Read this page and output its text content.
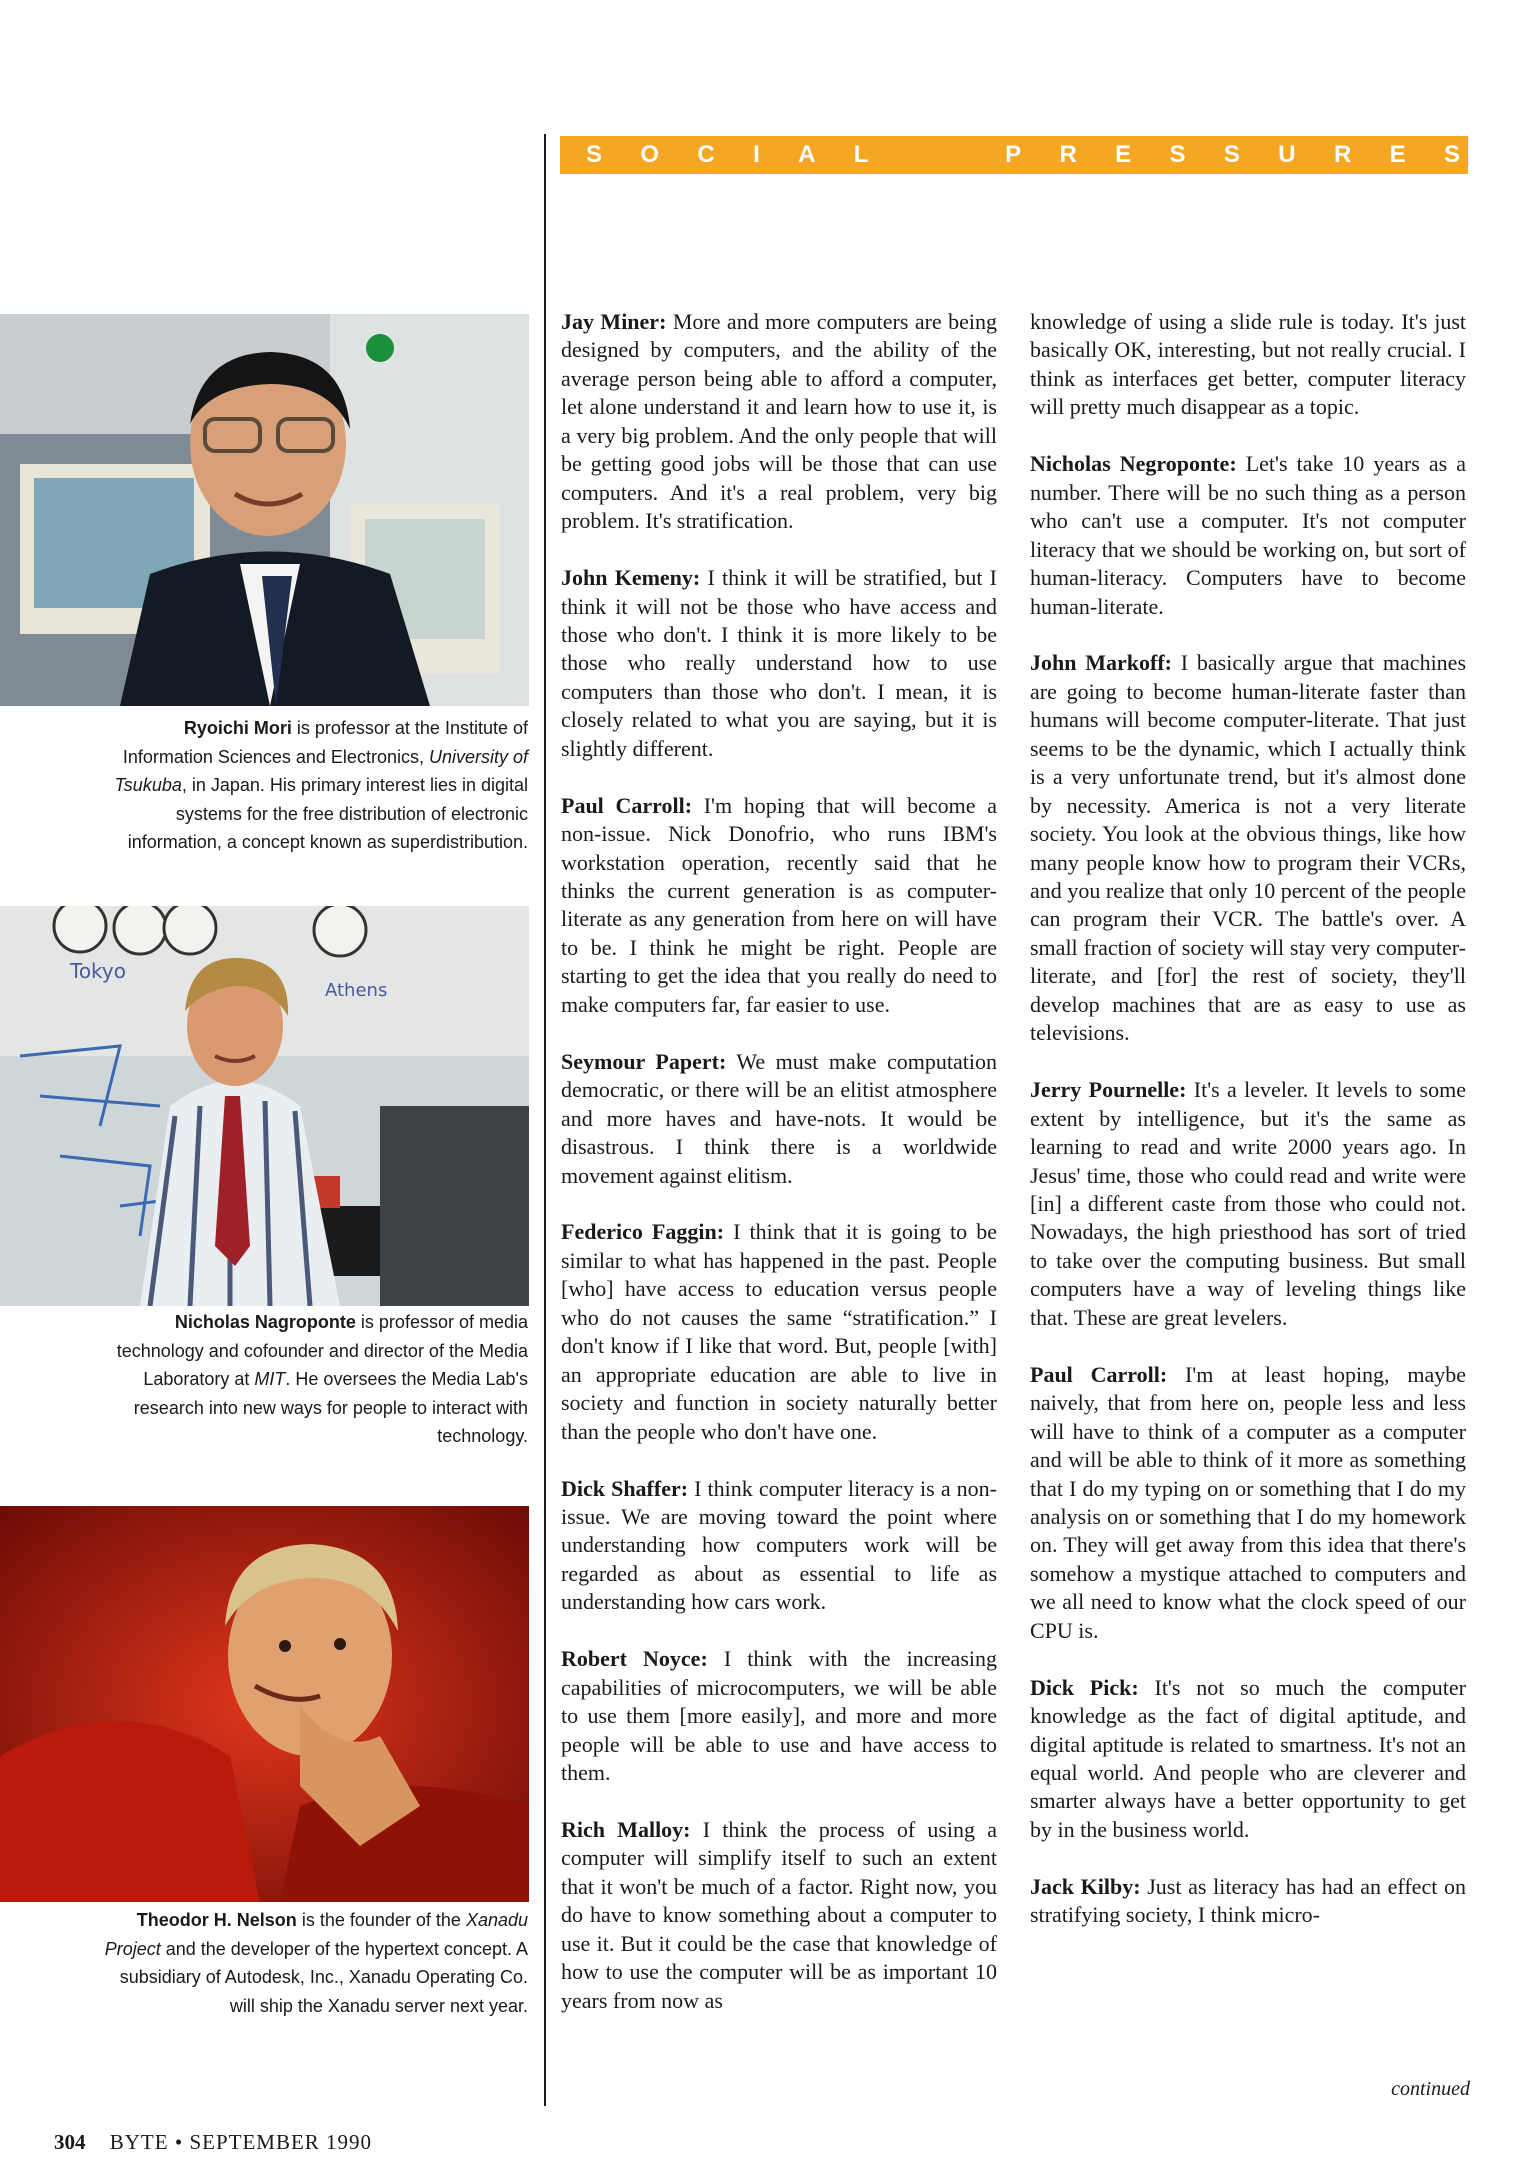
S O C I A L	P R E S S U R E S
Ryoichi Mori is professor at the Institute of Information Sciences and Electronics, University of Tsukuba, in Japan. His primary interest lies in digital systems for the free distribution of electronic information, a concept known as superdistribution.
Tokyo
Athens
Nicholas Nagroponte is professor of media technology and cofounder and director of the Media Laboratory at MIT. He oversees the Media Lab's research into new ways for people to interact with technology.
Theodor H. Nelson is the founder of the Xanadu Project and the developer of the hypertext concept. A subsidiary of Autodesk, Inc., Xanadu Operating Co. will ship the Xanadu server next year.

Jay Miner: More and more computers are being designed by computers, and the ability of the average person being able to afford a computer, let alone understand it and learn how to use it, is a very big problem. And the only people that will be getting good jobs will be those that can use computers. And it's a real problem, very big problem. It's stratification.

John Kemeny: I think it will be stratified, but I think it will not be those who have access and those who don't. I think it is more likely to be those who really understand how to use computers than those who don't. I mean, it is closely related to what you are saying, but it is slightly different.

Paul Carroll: I'm hoping that will become a non-issue. Nick Donofrio, who runs IBM's workstation operation, recently said that he thinks the current generation is as computer-literate as any generation from here on will have to be. I think he might be right. People are starting to get the idea that you really do need to make computers far, far easier to use.

Seymour Papert: We must make computation democratic, or there will be an elitist atmosphere and more haves and have-nots. It would be disastrous. I think there is a worldwide movement against elitism.

Federico Faggin: I think that it is going to be similar to what has happened in the past. People [who] have access to education versus people who do not causes the same “stratification.” I don't know if I like that word. But, people [with] an appropriate education are able to live in society and function in society naturally better than the people who don't have one.

Dick Shaffer: I think computer literacy is a non-issue. We are moving toward the point where understanding how computers work will be regarded as about as essential to life as understanding how cars work.

Robert Noyce: I think with the increasing capabilities of microcomputers, we will be able to use them [more easily], and more and more people will be able to use and have access to them.

Rich Malloy: I think the process of using a computer will simplify itself to such an extent that it won't be much of a factor. Right now, you do have to know something about a computer to use it. But it could be the case that knowledge of how to use the computer will be as important 10 years from now as

knowledge of using a slide rule is today. It's just basically OK, interesting, but not really crucial. I think as interfaces get better, computer literacy will pretty much disappear as a topic.

Nicholas Negroponte: Let's take 10 years as a number. There will be no such thing as a person who can't use a computer. It's not computer literacy that we should be working on, but sort of human-literacy. Computers have to become human-literate.

John Markoff: I basically argue that machines are going to become human-literate faster than humans will become computer-literate. That just seems to be the dynamic, which I actually think is a very unfortunate trend, but it's almost done by necessity. America is not a very literate society. You look at the obvious things, like how many people know how to program their VCRs, and you realize that only 10 percent of the people can program their VCR. The battle's over. A small fraction of society will stay very computer-literate, and [for] the rest of society, they'll develop machines that are as easy to use as televisions.

Jerry Pournelle: It's a leveler. It levels to some extent by intelligence, but it's the same as learning to read and write 2000 years ago. In Jesus' time, those who could read and write were [in] a different caste from those who could not. Nowadays, the high priesthood has sort of tried to take over the computing business. But small computers have a way of leveling things like that. These are great levelers.

Paul Carroll: I'm at least hoping, maybe naively, that from here on, people less and less will have to think of a computer as a computer and will be able to think of it more as something that I do my typing on or something that I do my analysis on or something that I do my homework on. They will get away from this idea that there's somehow a mystique attached to computers and we all need to know what the clock speed of our CPU is.

Dick Pick: It's not so much the computer knowledge as the fact of digital aptitude, and digital aptitude is related to smartness. It's not an equal world. And people who are cleverer and smarter always have a better opportunity to get by in the business world.

Jack Kilby: Just as literacy has had an effect on stratifying society, I think micro-

continued
304 BYTE • SEPTEMBER 1990
